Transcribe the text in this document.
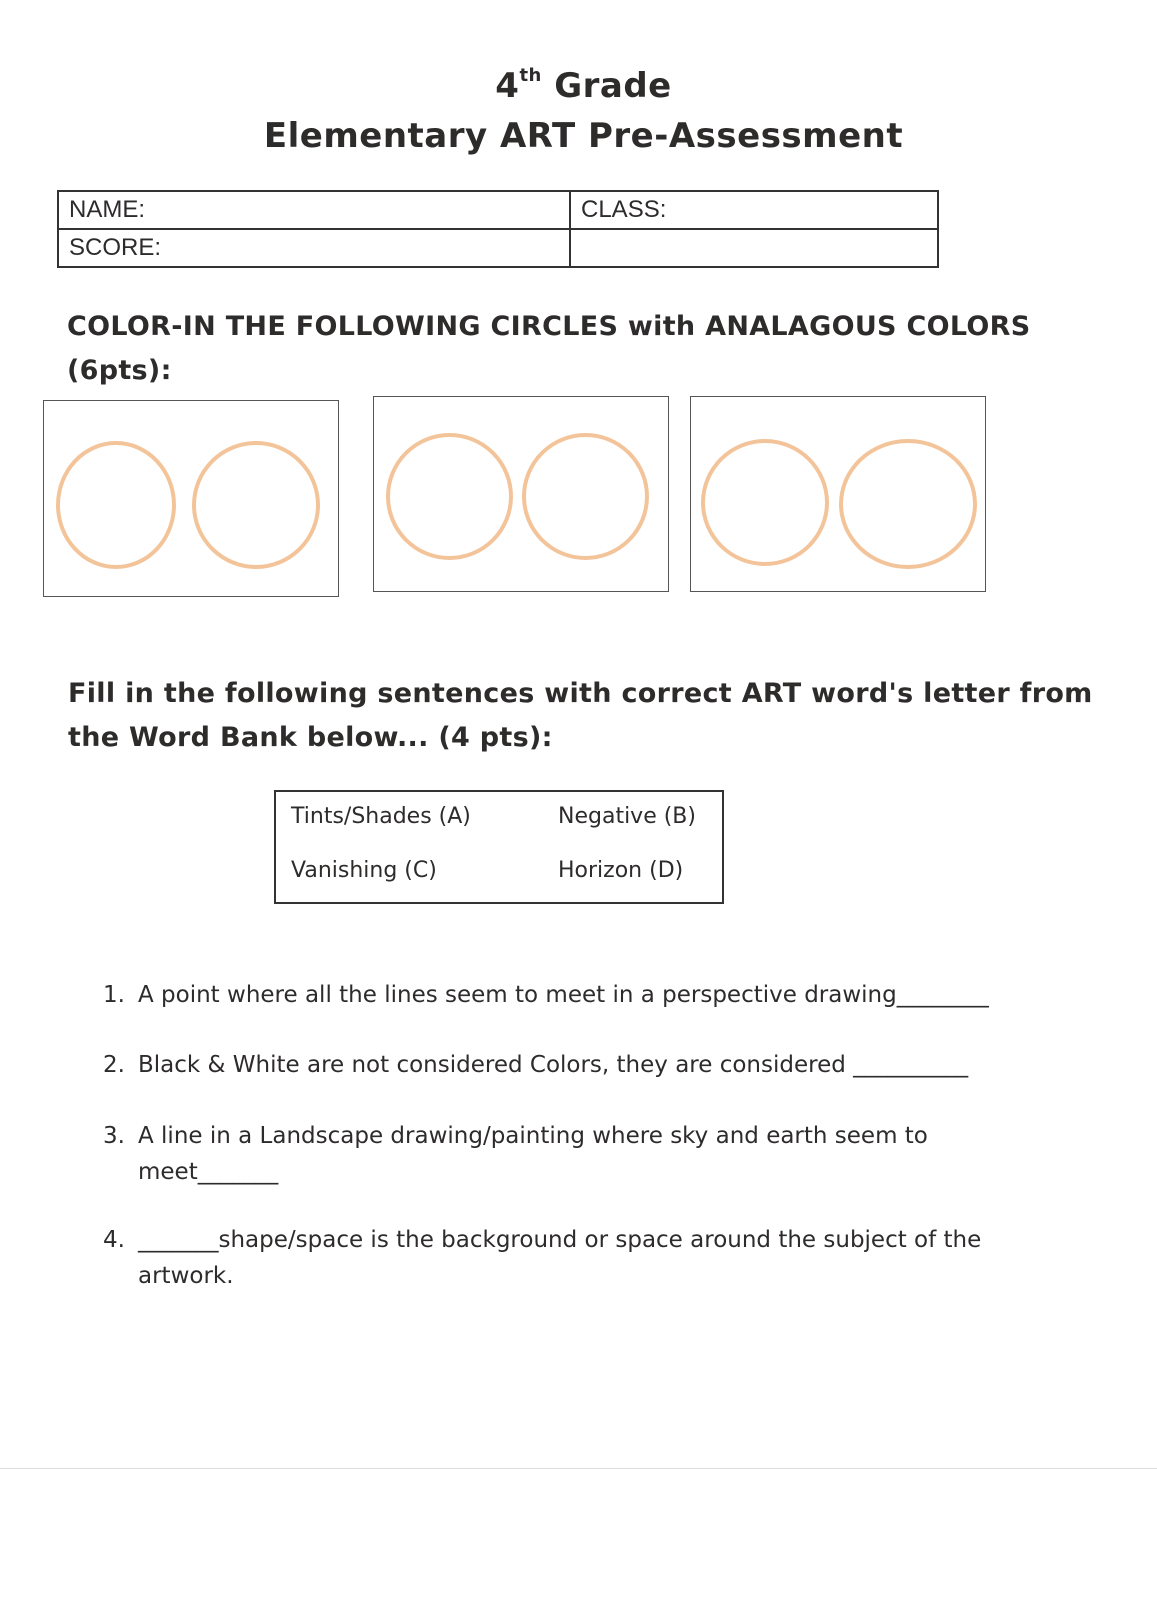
4th Grade
Elementary ART Pre-Assessment
NAME:	CLASS:
SCORE:	
COLOR-IN THE FOLLOWING CIRCLES with ANALAGOUS COLORS
(6pts):
Fill in the following sentences with correct ART word's letter from
the Word Bank below... (4 pts):
Tints/Shades (A)	Negative (B)
Vanishing (C)	Horizon (D)
1. A point where all the lines seem to meet in a perspective drawing________
2. Black & White are not considered Colors, they are considered __________
3. A line in a Landscape drawing/painting where sky and earth seem to
meet_______
4. _______shape/space is the background or space around the subject of the
artwork.
